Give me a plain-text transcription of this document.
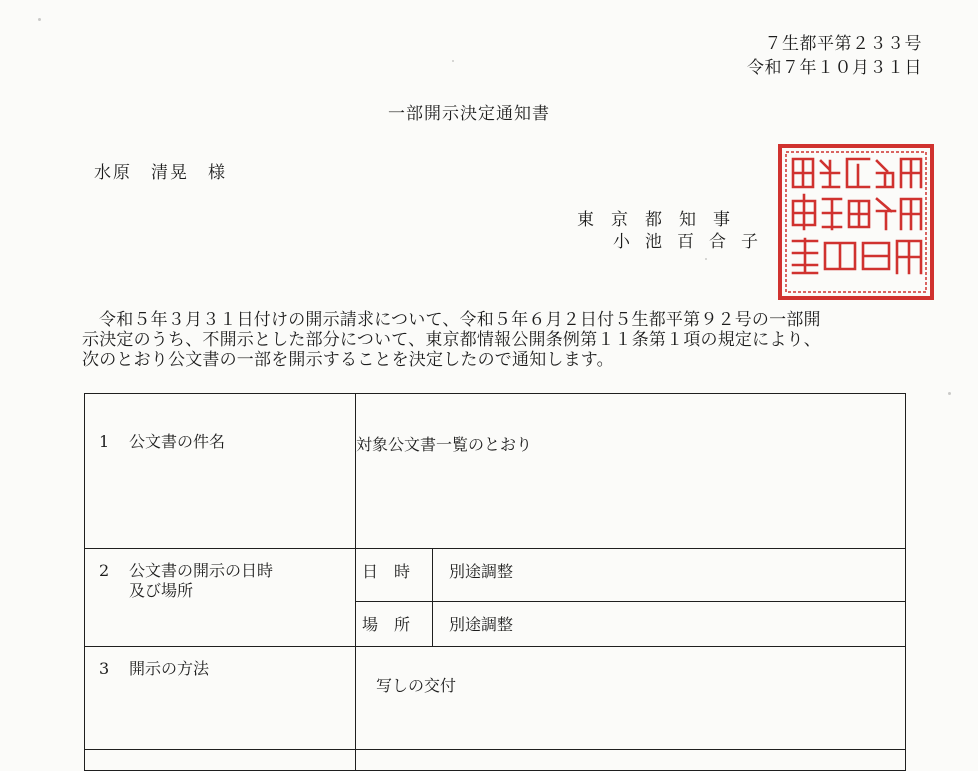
７生都平第２３３号
令和７年１０月３１日
一部開示決定通知書
水原　清晃　様
東京都知事
小池百合子
令和５年３月３１日付けの開示請求について、令和５年６月２日付５生都平第９２号の一部開
示決定のうち、不開示とした部分について、東京都情報公開条例第１１条第１項の規定により、
次のとおり公文書の一部を開示することを決定したので通知します。
1 公文書の件名	対象公文書一覧のとおり	

2 公文書の開示の日時
及び場所	日時	別途調整

	場所	別途調整

3 開示の方法	写しの交付	
